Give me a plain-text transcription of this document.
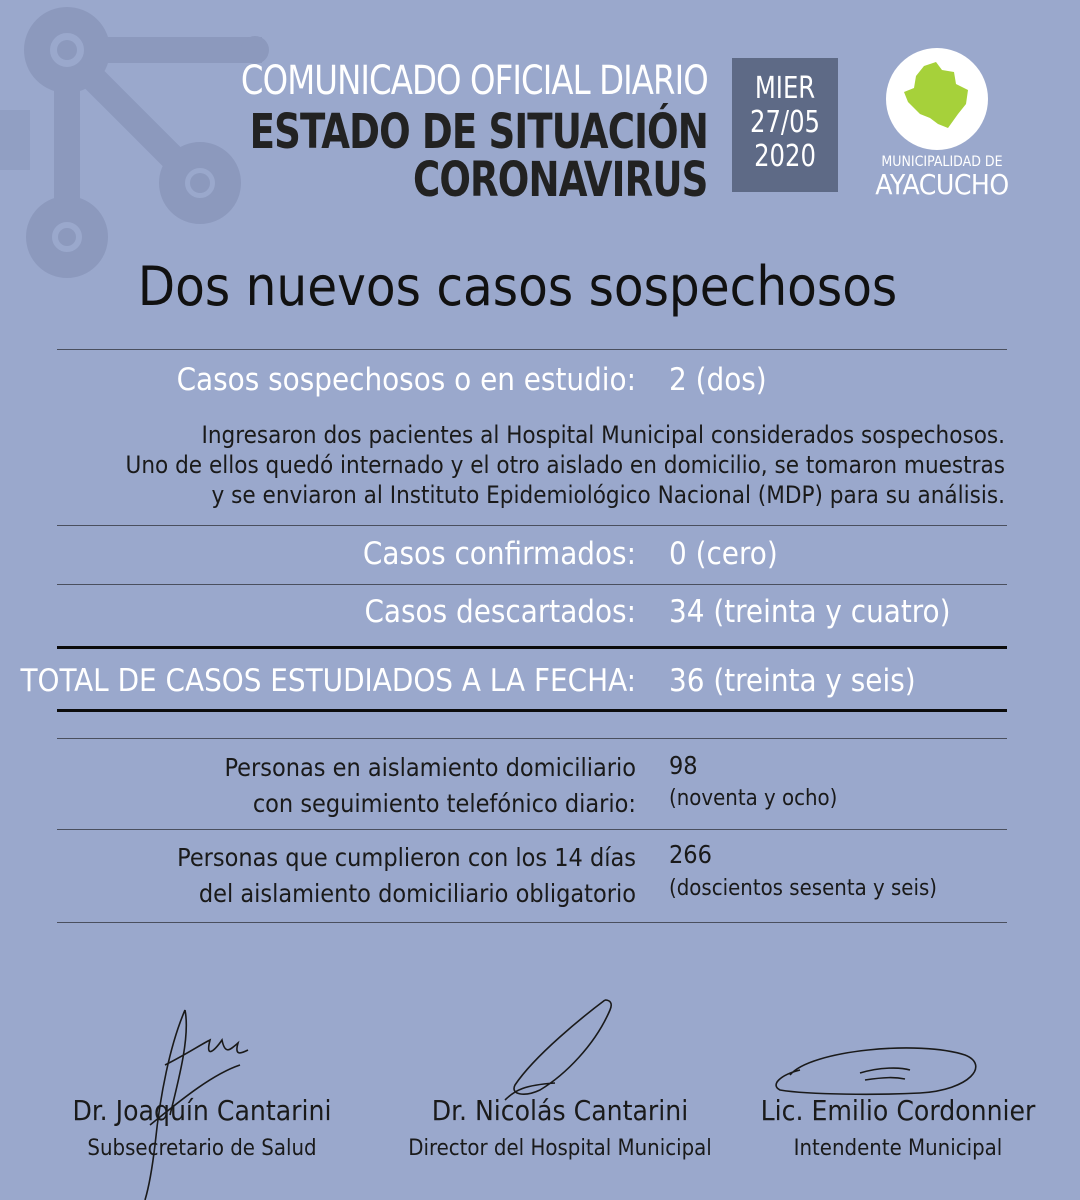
COMUNICADO OFICIAL DIARIO
ESTADO DE SITUACIÓN
CORONAVIRUS
MIER
27/05
2020	MUNICIPALIDAD DE
AYACUCHO
Dos nuevos casos sospechosos
Casos sospechosos o en estudio: 2 (dos)
Ingresaron dos pacientes al Hospital Municipal considerados sospechosos.
Uno de ellos quedó internado y el otro aislado en domicilio, se tomaron muestras
y se enviaron al Instituto Epidemiológico Nacional (MDP) para su análisis.
Casos confirmados: 0 (cero)
Casos descartados: 34 (treinta y cuatro)
TOTAL DE CASOS ESTUDIADOS A LA FECHA: 36 (treinta y seis)
Personas en aislamiento domiciliario
con seguimiento telefónico diario:
98
(noventa y ocho)
Personas que cumplieron con los 14 días
del aislamiento domiciliario obligatorio
266
(doscientos sesenta y seis)
Dr. Joaquín Cantarini
Subsecretario de Salud
Dr. Nicolás Cantarini
Director del Hospital Municipal
Lic. Emilio Cordonnier
Intendente Municipal
